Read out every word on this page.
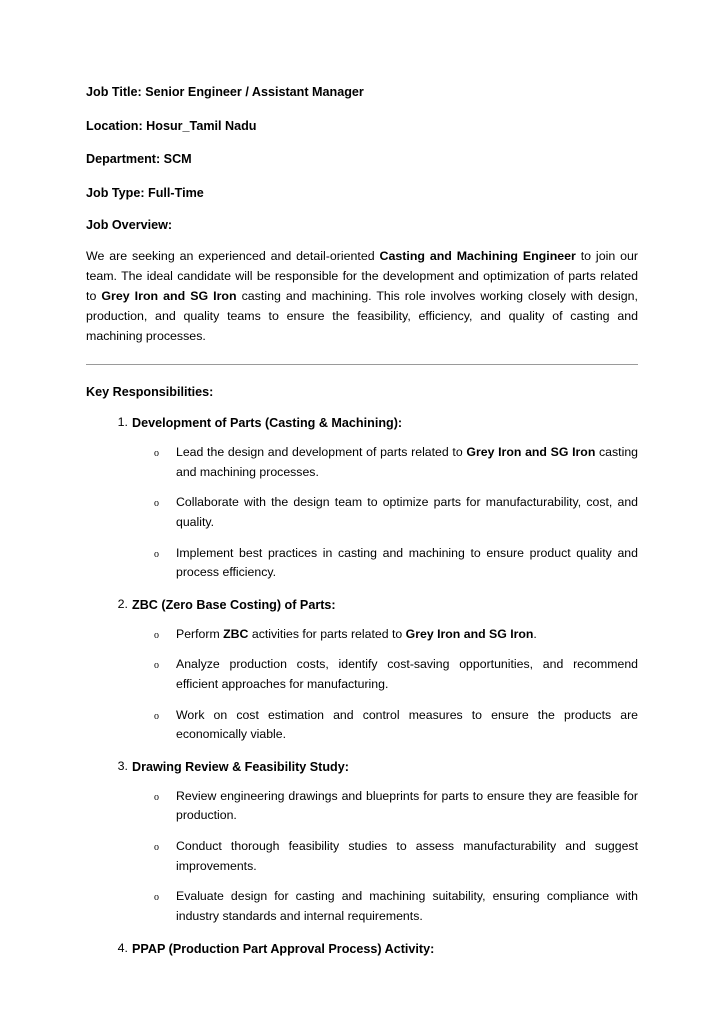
Job Title: Senior Engineer / Assistant Manager
Location: Hosur_Tamil Nadu
Department: SCM
Job Type: Full-Time
Job Overview:

We are seeking an experienced and detail-oriented Casting and Machining Engineer to join our team. The ideal candidate will be responsible for the development and optimization of parts related to Grey Iron and SG Iron casting and machining. This role involves working closely with design, production, and quality teams to ensure the feasibility, efficiency, and quality of casting and machining processes.

Key Responsibilities:
1. Development of Parts (Casting & Machining):
o Lead the design and development of parts related to Grey Iron and SG Iron casting and machining processes.
o Collaborate with the design team to optimize parts for manufacturability, cost, and quality.
o Implement best practices in casting and machining to ensure product quality and process efficiency.
2. ZBC (Zero Base Costing) of Parts:
o Perform ZBC activities for parts related to Grey Iron and SG Iron.
o Analyze production costs, identify cost-saving opportunities, and recommend efficient approaches for manufacturing.
o Work on cost estimation and control measures to ensure the products are economically viable.
3. Drawing Review & Feasibility Study:
o Review engineering drawings and blueprints for parts to ensure they are feasible for production.
o Conduct thorough feasibility studies to assess manufacturability and suggest improvements.
o Evaluate design for casting and machining suitability, ensuring compliance with industry standards and internal requirements.
4. PPAP (Production Part Approval Process) Activity:
